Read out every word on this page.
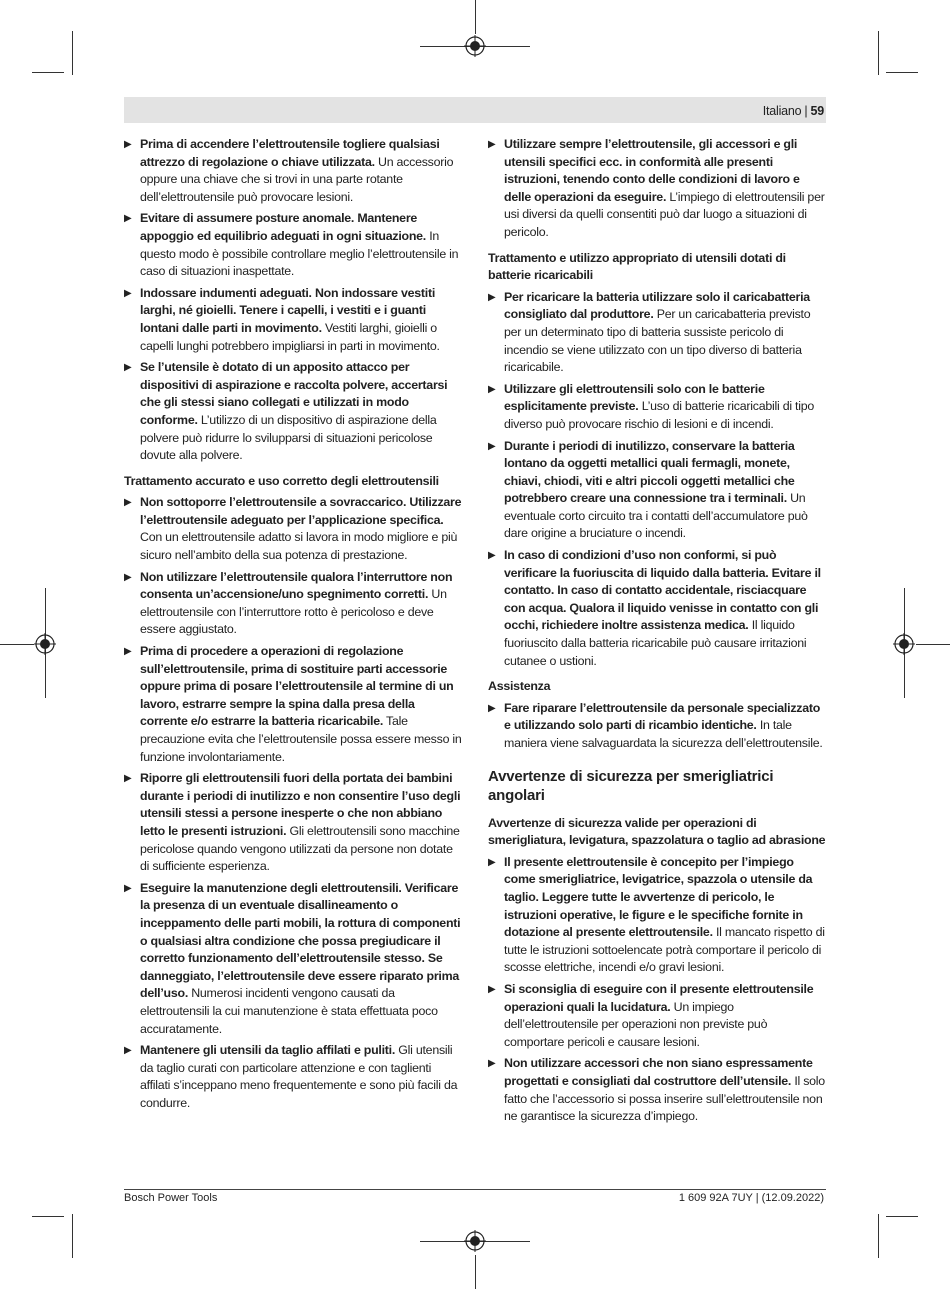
Italiano | 59
▶ Prima di accendere l’elettroutensile togliere qualsiasi attrezzo di regolazione o chiave utilizzata. Un accessorio oppure una chiave che si trovi in una parte rotante dell’elettroutensile può provocare lesioni.
▶ Evitare di assumere posture anomale. Mantenere appoggio ed equilibrio adeguati in ogni situazione. In questo modo è possibile controllare meglio l’elettroutensile in caso di situazioni inaspettate.
▶ Indossare indumenti adeguati. Non indossare vestiti larghi, né gioielli. Tenere i capelli, i vestiti e i guanti lontani dalle parti in movimento. Vestiti larghi, gioielli o capelli lunghi potrebbero impigliarsi in parti in movimento.
▶ Se l’utensile è dotato di un apposito attacco per dispositivi di aspirazione e raccolta polvere, accertarsi che gli stessi siano collegati e utilizzati in modo conforme. L’utilizzo di un dispositivo di aspirazione della polvere può ridurre lo svilupparsi di situazioni pericolose dovute alla polvere.
Trattamento accurato e uso corretto degli elettroutensili
▶ Non sottoporre l’elettroutensile a sovraccarico. Utilizzare l’elettroutensile adeguato per l’applicazione specifica. Con un elettroutensile adatto si lavora in modo migliore e più sicuro nell’ambito della sua potenza di prestazione.
▶ Non utilizzare l’elettroutensile qualora l’interruttore non consenta un’accensione/uno spegnimento corretti. Un elettroutensile con l’interruttore rotto è pericoloso e deve essere aggiustato.
▶ Prima di procedere a operazioni di regolazione sull’elettroutensile, prima di sostituire parti accessorie oppure prima di posare l’elettroutensile al termine di un lavoro, estrarre sempre la spina dalla presa della corrente e/o estrarre la batteria ricaricabile. Tale precauzione evita che l’elettroutensile possa essere messo in funzione involontariamente.
▶ Riporre gli elettroutensili fuori della portata dei bambini durante i periodi di inutilizzo e non consentire l’uso degli utensili stessi a persone inesperte o che non abbiano letto le presenti istruzioni. Gli elettroutensili sono macchine pericolose quando vengono utilizzati da persone non dotate di sufficiente esperienza.
▶ Eseguire la manutenzione degli elettroutensili. Verificare la presenza di un eventuale disallineamento o inceppamento delle parti mobili, la rottura di componenti o qualsiasi altra condizione che possa pregiudicare il corretto funzionamento dell’elettroutensile stesso. Se danneggiato, l’elettroutensile deve essere riparato prima dell’uso. Numerosi incidenti vengono causati da elettroutensili la cui manutenzione è stata effettuata poco accuratamente.
▶ Mantenere gli utensili da taglio affilati e puliti. Gli utensili da taglio curati con particolare attenzione e con taglienti affilati s’inceppano meno frequentemente e sono più facili da condurre.
▶ Utilizzare sempre l’elettroutensile, gli accessori e gli utensili specifici ecc. in conformità alle presenti istruzioni, tenendo conto delle condizioni di lavoro e delle operazioni da eseguire. L’impiego di elettroutensili per usi diversi da quelli consentiti può dar luogo a situazioni di pericolo.
Trattamento e utilizzo appropriato di utensili dotati di batterie ricaricabili
▶ Per ricaricare la batteria utilizzare solo il caricabatteria consigliato dal produttore. Per un caricabatteria previsto per un determinato tipo di batteria sussiste pericolo di incendio se viene utilizzato con un tipo diverso di batteria ricaricabile.
▶ Utilizzare gli elettroutensili solo con le batterie esplicitamente previste. L’uso di batterie ricaricabili di tipo diverso può provocare rischio di lesioni e di incendi.
▶ Durante i periodi di inutilizzo, conservare la batteria lontano da oggetti metallici quali fermagli, monete, chiavi, chiodi, viti e altri piccoli oggetti metallici che potrebbero creare una connessione tra i terminali. Un eventuale corto circuito tra i contatti dell’accumulatore può dare origine a bruciature o incendi.
▶ In caso di condizioni d’uso non conformi, si può verificare la fuoriuscita di liquido dalla batteria. Evitare il contatto. In caso di contatto accidentale, risciacquare con acqua. Qualora il liquido venisse in contatto con gli occhi, richiedere inoltre assistenza medica. Il liquido fuoriuscito dalla batteria ricaricabile può causare irritazioni cutanee o ustioni.
Assistenza
▶ Fare riparare l’elettroutensile da personale specializzato e utilizzando solo parti di ricambio identiche. In tale maniera viene salvaguardata la sicurezza dell’elettroutensile.
Avvertenze di sicurezza per smerigliatrici angolari
Avvertenze di sicurezza valide per operazioni di smerigliatura, levigatura, spazzolatura o taglio ad abrasione
▶ Il presente elettroutensile è concepito per l’impiego come smerigliatrice, levigatrice, spazzola o utensile da taglio. Leggere tutte le avvertenze di pericolo, le istruzioni operative, le figure e le specifiche fornite in dotazione al presente elettroutensile. Il mancato rispetto di tutte le istruzioni sottoelencate potrà comportare il pericolo di scosse elettriche, incendi e/o gravi lesioni.
▶ Si sconsiglia di eseguire con il presente elettroutensile operazioni quali la lucidatura. Un impiego dell’elettroutensile per operazioni non previste può comportare pericoli e causare lesioni.
▶ Non utilizzare accessori che non siano espressamente progettati e consigliati dal costruttore dell’utensile. Il solo fatto che l’accessorio si possa inserire sull’elettroutensile non ne garantisce la sicurezza d’impiego.
Bosch Power Tools	1 609 92A 7UY | (12.09.2022)
